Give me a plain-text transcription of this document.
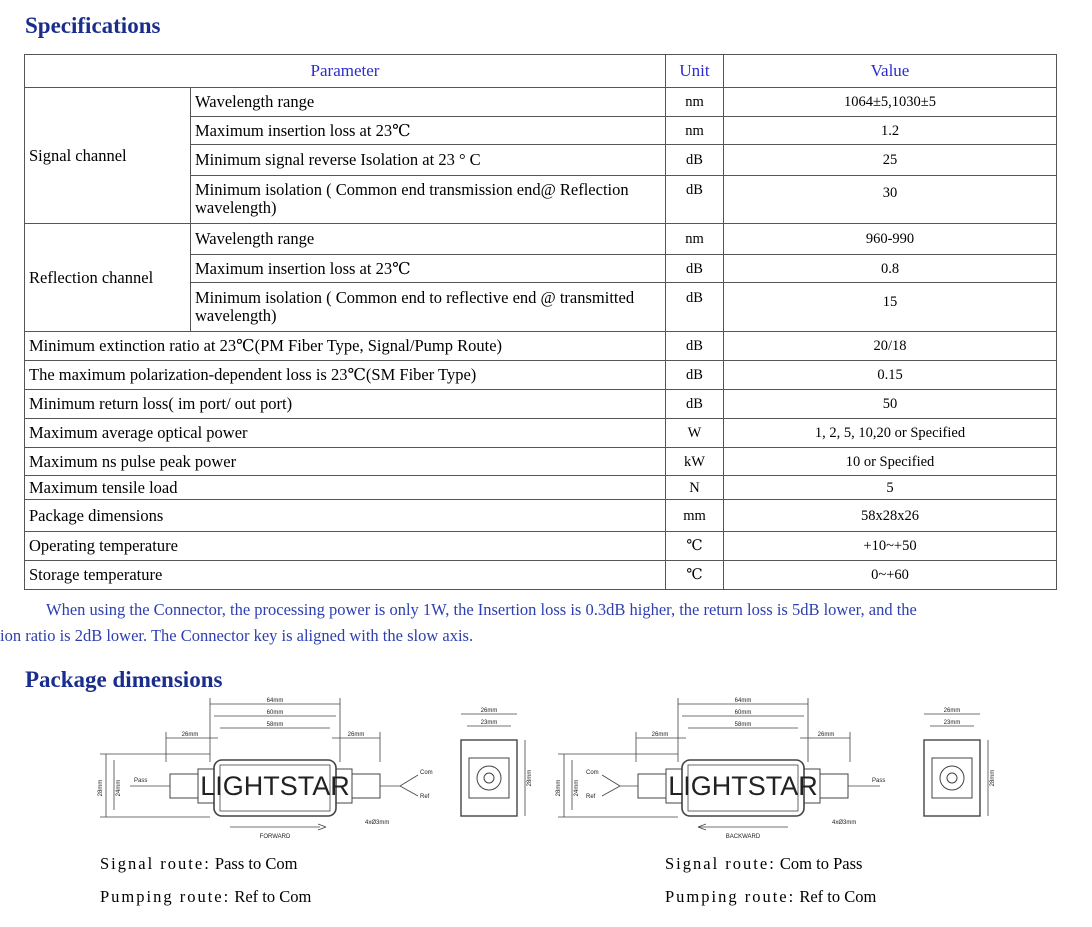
Specifications
Parameter		Unit	Value
Signal channel	Wavelength range	nm	1064±5,1030±5
	Maximum insertion loss at 23℃	nm	1.2
	Minimum signal reverse Isolation at 23 ° C	dB	25
	Minimum isolation ( Common end transmission end@ Reflection wavelength)	dB	30
Reflection channel	Wavelength range	nm	960-990
	Maximum insertion loss at 23℃	dB	0.8
	Minimum isolation ( Common end to reflective end @ transmitted wavelength)	dB	15
Minimum extinction ratio at 23℃(PM Fiber Type, Signal/Pump Route)		dB	20/18
The maximum polarization-dependent loss is 23℃(SM Fiber Type)		dB	0.15
Minimum return loss( im port/ out port)		dB	50
Maximum average optical power		W	1, 2, 5, 10,20 or Specified
Maximum ns pulse peak power		kW	10 or Specified
Maximum tensile load		N	5
Package dimensions		mm	58x28x26
Operating temperature		℃	+10~+50
Storage temperature		℃	0~+60
When using the Connector, the processing power is only 1W, the Insertion loss is 0.3dB higher, the return loss is 5dB lower, and the
ion ratio is 2dB lower. The Connector key is aligned with the slow axis.
Package dimensions
LIGHTSTAR
64mm
60mm
58mm
26mm	26mm
Pass
Com
Ref
4xØ3mm
FORWARD
28mm 24mm
26mm
23mm
28mm	LIGHTSTAR
64mm
60mm
58mm
26mm	26mm
Com
Ref
Pass
4xØ3mm
BACKWARD
28mm 24mm
26mm
23mm
28mm
Signal route: Pass to Com
Pumping route: Ref to Com
Signal route: Com to Pass
Pumping route: Ref to Com
